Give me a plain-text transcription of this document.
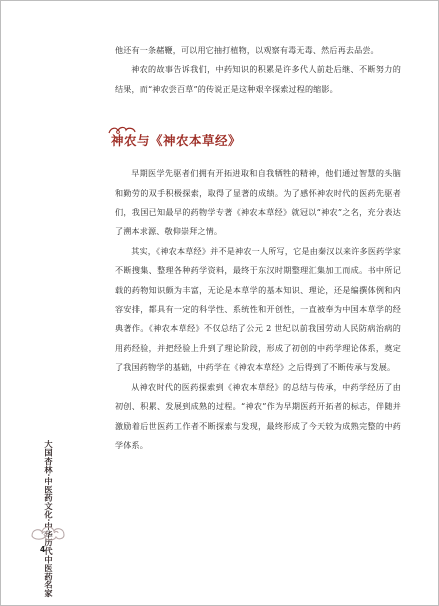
他还有一条赭鞭，可以用它抽打植物，以观察有毒无毒、然后再去品尝。

神农的故事告诉我们，中药知识的积累是许多代人前赴后继、不断努力的结果，而“神农尝百草”的传说正是这种艰辛探索过程的缩影。

神农与《神农本草经》

早期医学先驱者们拥有开拓进取和自我牺牲的精神，他们通过智慧的头脑和勤劳的双手积极探索，取得了显著的成绩。为了感怀神农时代的医药先驱者们，我国已知最早的药物学专著《神农本草经》就冠以“神农”之名，充分表达了溯本求源、敬仰崇拜之情。

其实，《神农本草经》并不是神农一人所写，它是由秦汉以来许多医药学家不断搜集、整理各种药学资料，最终于东汉时期整理汇集加工而成。书中所记载的药物知识颇为丰富，无论是本草学的基本知识、理论，还是编撰体例和内容安排，都具有一定的科学性、系统性和开创性，一直被奉为中国本草学的经典著作。《神农本草经》不仅总结了公元 2 世纪以前我国劳动人民防病治病的用药经验，并把经验上升到了理论阶段，形成了初创的中药学理论体系，奠定了我国药物学的基础，中药学在《神农本草经》之后得到了不断传承与发展。

从神农时代的医药探索到《神农本草经》的总结与传承，中药学经历了由初创、积累、发展到成熟的过程。“神农”作为早期医药开拓者的标志，伴随并激励着后世医药工作者不断探索与发现，最终形成了今天较为成熟完整的中药学体系。

大国杏林·中医药文化·中华历代中医药名家
4
